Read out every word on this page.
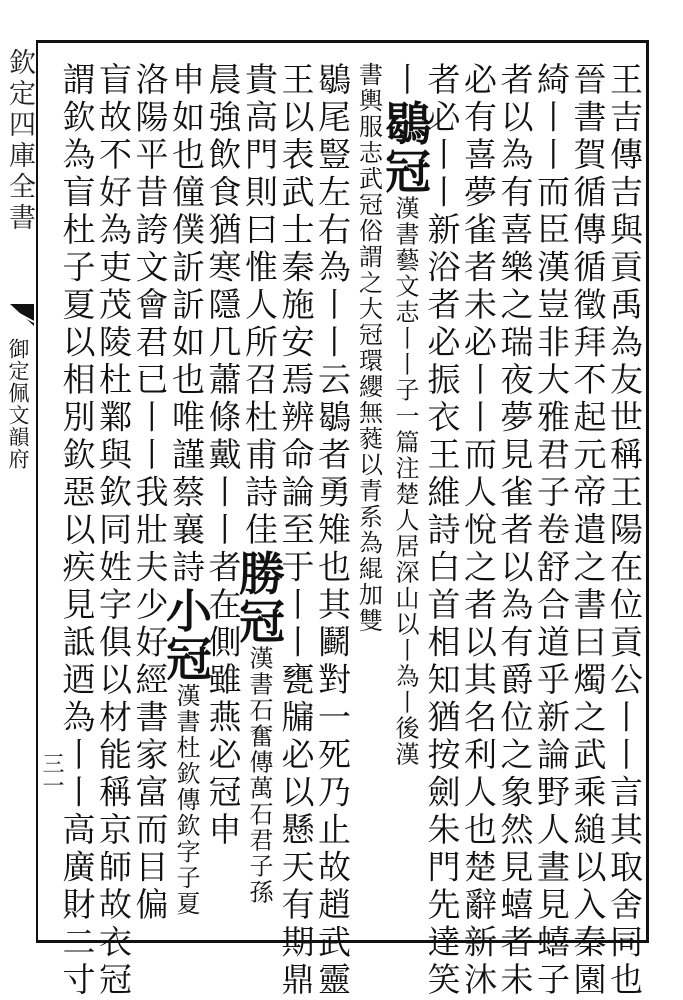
欽定四庫全書
御定佩文韻府
三一	王吉傳吉與貢禹為友世稱王陽在位貢公丨丨言其取舍同也
晉書賀循傳循徵拜不起元帝遣之書曰燭之武乘縋以入秦園
綺丨丨而臣漢豈非大雅君子卷舒合道乎新論野人晝見蟢子
者以為有喜樂之瑞夜夢見雀者以為有爵位之象然見蟢者未
必有喜夢雀者未必丨丨而人悅之者以其名利人也楚辭新沐
者必丨丨新浴者必振衣王維詩白首相知猶按劍朱門先達笑
丨鶡冠漢書藝文志丨丨子一篇注楚人居深山以丨為丨後漢
書輿服志武冠俗謂之大冠環纓無蕤以青系為緄加雙
鶡尾豎左右為丨丨云鶡者勇雉也其鬬對一死乃止故趙武靈
王以表武士秦施安焉辨命論至于丨丨甕牖必以懸天有期鼎
貴高門則曰惟人所召杜甫詩佳勝冠漢書石奮傳萬石君子孫
晨強飲食猶寒隱几蕭條戴丨丨者在側雖燕必冠申
申如也僮僕訢訢如也唯謹蔡襄詩小冠漢書杜欽傳欽字子夏
洛陽平昔誇文會君已丨丨我壯夫少好經書家富而目偏
盲故不好為吏茂陵杜鄴與欽同姓字俱以材能稱京師故衣冠
謂欽為盲杜子夏以相別欽惡以疾見詆迺為丨丨高廣財二寸
